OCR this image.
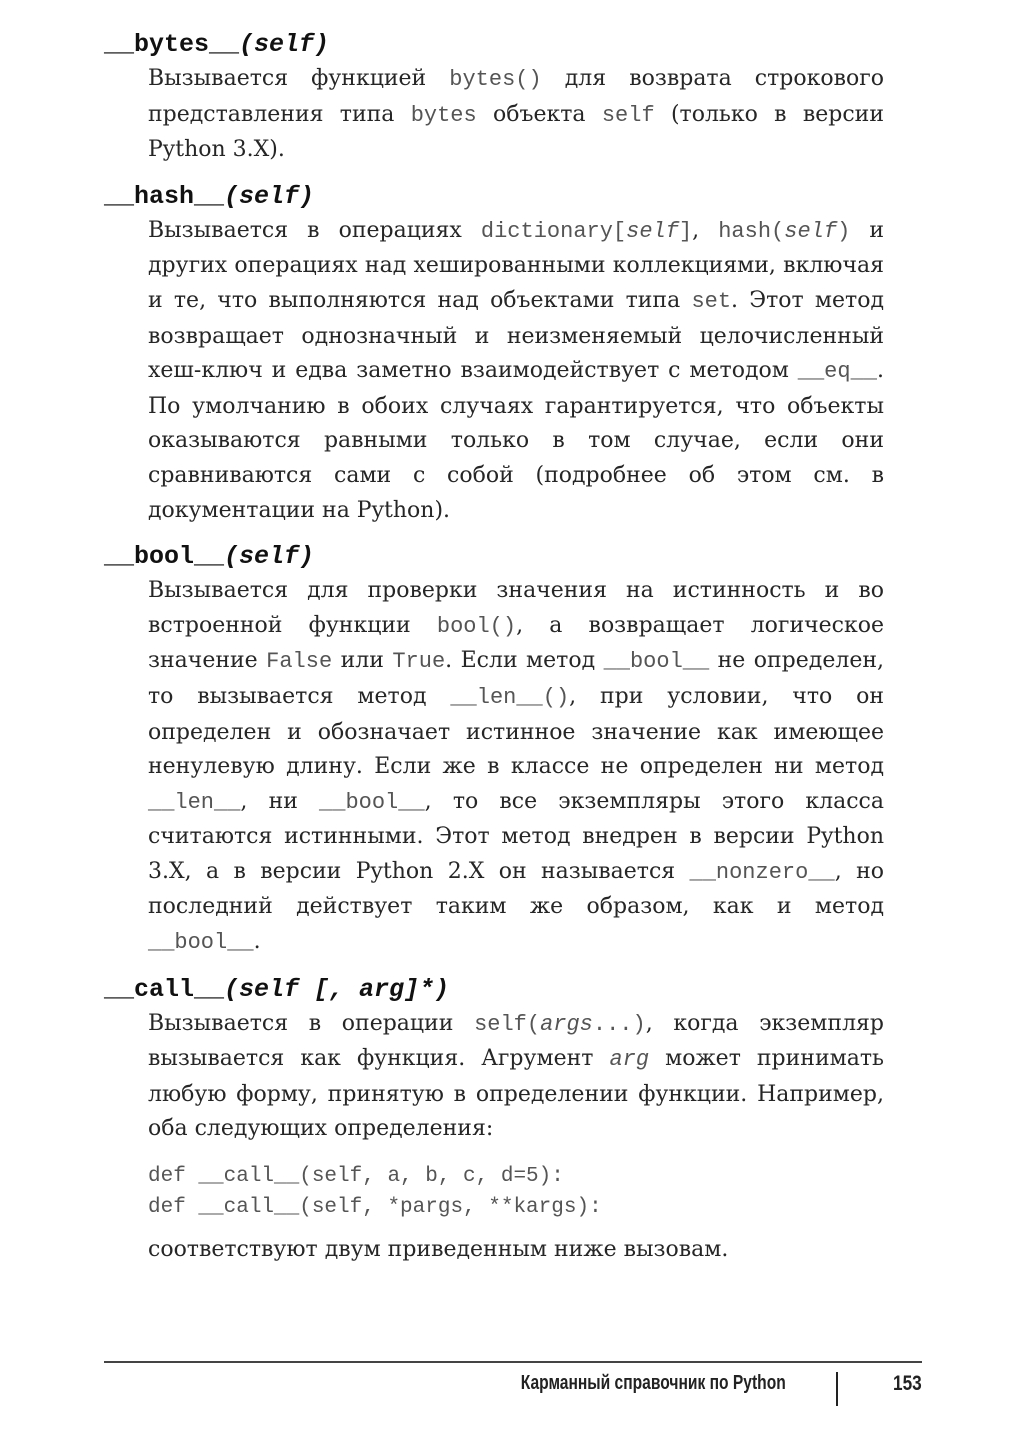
__bytes__(self)

Вызывается функцией bytes() для возврата строкового представления типа bytes объекта self (только в версии Python 3.X).

__hash__(self)

Вызывается в операциях dictionary[self], hash(self) и других операциях над хешированными коллекциями, включая и те, что выполняются над объектами типа set. Этот метод возвращает однозначный и неизменяемый целочисленный хеш-ключ и едва заметно взаимодействует с методом __eq__. По умолчанию в обоих случаях гарантируется, что объекты оказываются равными только в том случае, если они сравниваются сами с собой (подробнее об этом см. в документации на Python).

__bool__(self)

Вызывается для проверки значения на истинность и во встроенной функции bool(), а возвращает логическое значение False или True. Если метод __bool__ не определен, то вызывается метод __len__(), при условии, что он определен и обозначает истинное значение как имеющее ненулевую длину. Если же в классе не определен ни метод __len__, ни __bool__, то все экземпляры этого класса считаются истинными. Этот метод внедрен в версии Python 3.X, а в версии Python 2.X он называется __nonzero__, но последний действует таким же образом, как и метод __bool__.

__call__(self [, arg]*)

Вызывается в операции self(args...), когда экземпляр вызывается как функция. Агрумент arg может принимать любую форму, принятую в определении функции. Например, оба следующих определения:

def __call__(self, a, b, c, d=5):
def __call__(self, *pargs, **kargs):

соответствуют двум приведенным ниже вызовам.

Карманный справочник по Python	153
